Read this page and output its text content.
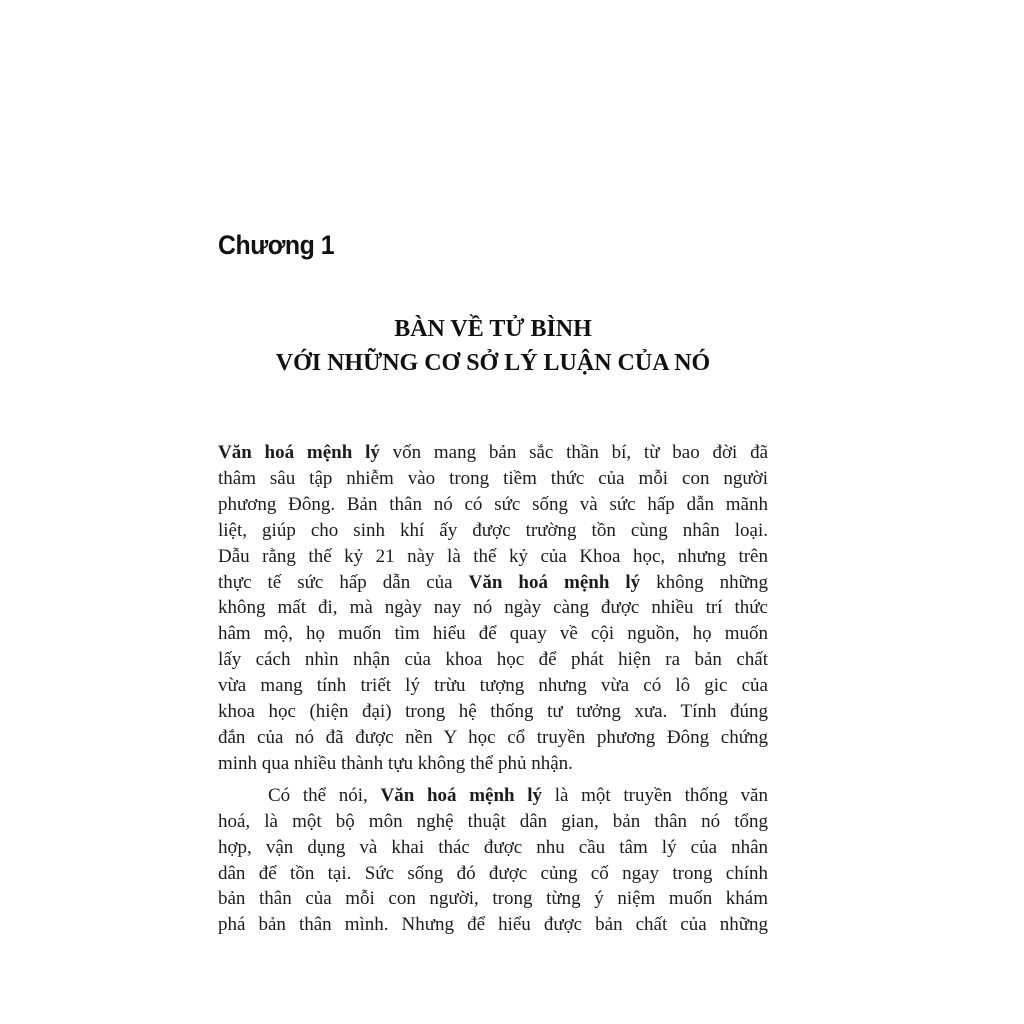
Chương 1
BÀN VỀ TỬ BÌNH
VỚI NHỮNG CƠ SỞ LÝ LUẬN CỦA NÓ

Văn hoá mệnh lý vốn mang bản sắc thần bí, từ bao đời đã
thâm sâu tập nhiễm vào trong tiềm thức của mỗi con người
phương Đông. Bản thân nó có sức sống và sức hấp dẫn mãnh
liệt, giúp cho sinh khí ấy được trường tồn cùng nhân loại.
Dẫu rằng thế kỷ 21 này là thế kỷ của Khoa học, nhưng trên
thực tế sức hấp dẫn của Văn hoá mệnh lý không những
không mất đi, mà ngày nay nó ngày càng được nhiều trí thức
hâm mộ, họ muốn tìm hiểu để quay về cội nguồn, họ muốn
lấy cách nhìn nhận của khoa học để phát hiện ra bản chất
vừa mang tính triết lý trừu tượng nhưng vừa có lô gic của
khoa học (hiện đại) trong hệ thống tư tưởng xưa. Tính đúng
đắn của nó đã được nền Y học cổ truyền phương Đông chứng
minh qua nhiều thành tựu không thể phủ nhận.

Có thể nói, Văn hoá mệnh lý là một truyền thống văn
hoá, là một bộ môn nghệ thuật dân gian, bản thân nó tổng
hợp, vận dụng và khai thác được nhu cầu tâm lý của nhân
dân để tồn tại. Sức sống đó được củng cố ngay trong chính
bản thân của mỗi con người, trong từng ý niệm muốn khám
phá bản thân mình. Nhưng để hiểu được bản chất của những
